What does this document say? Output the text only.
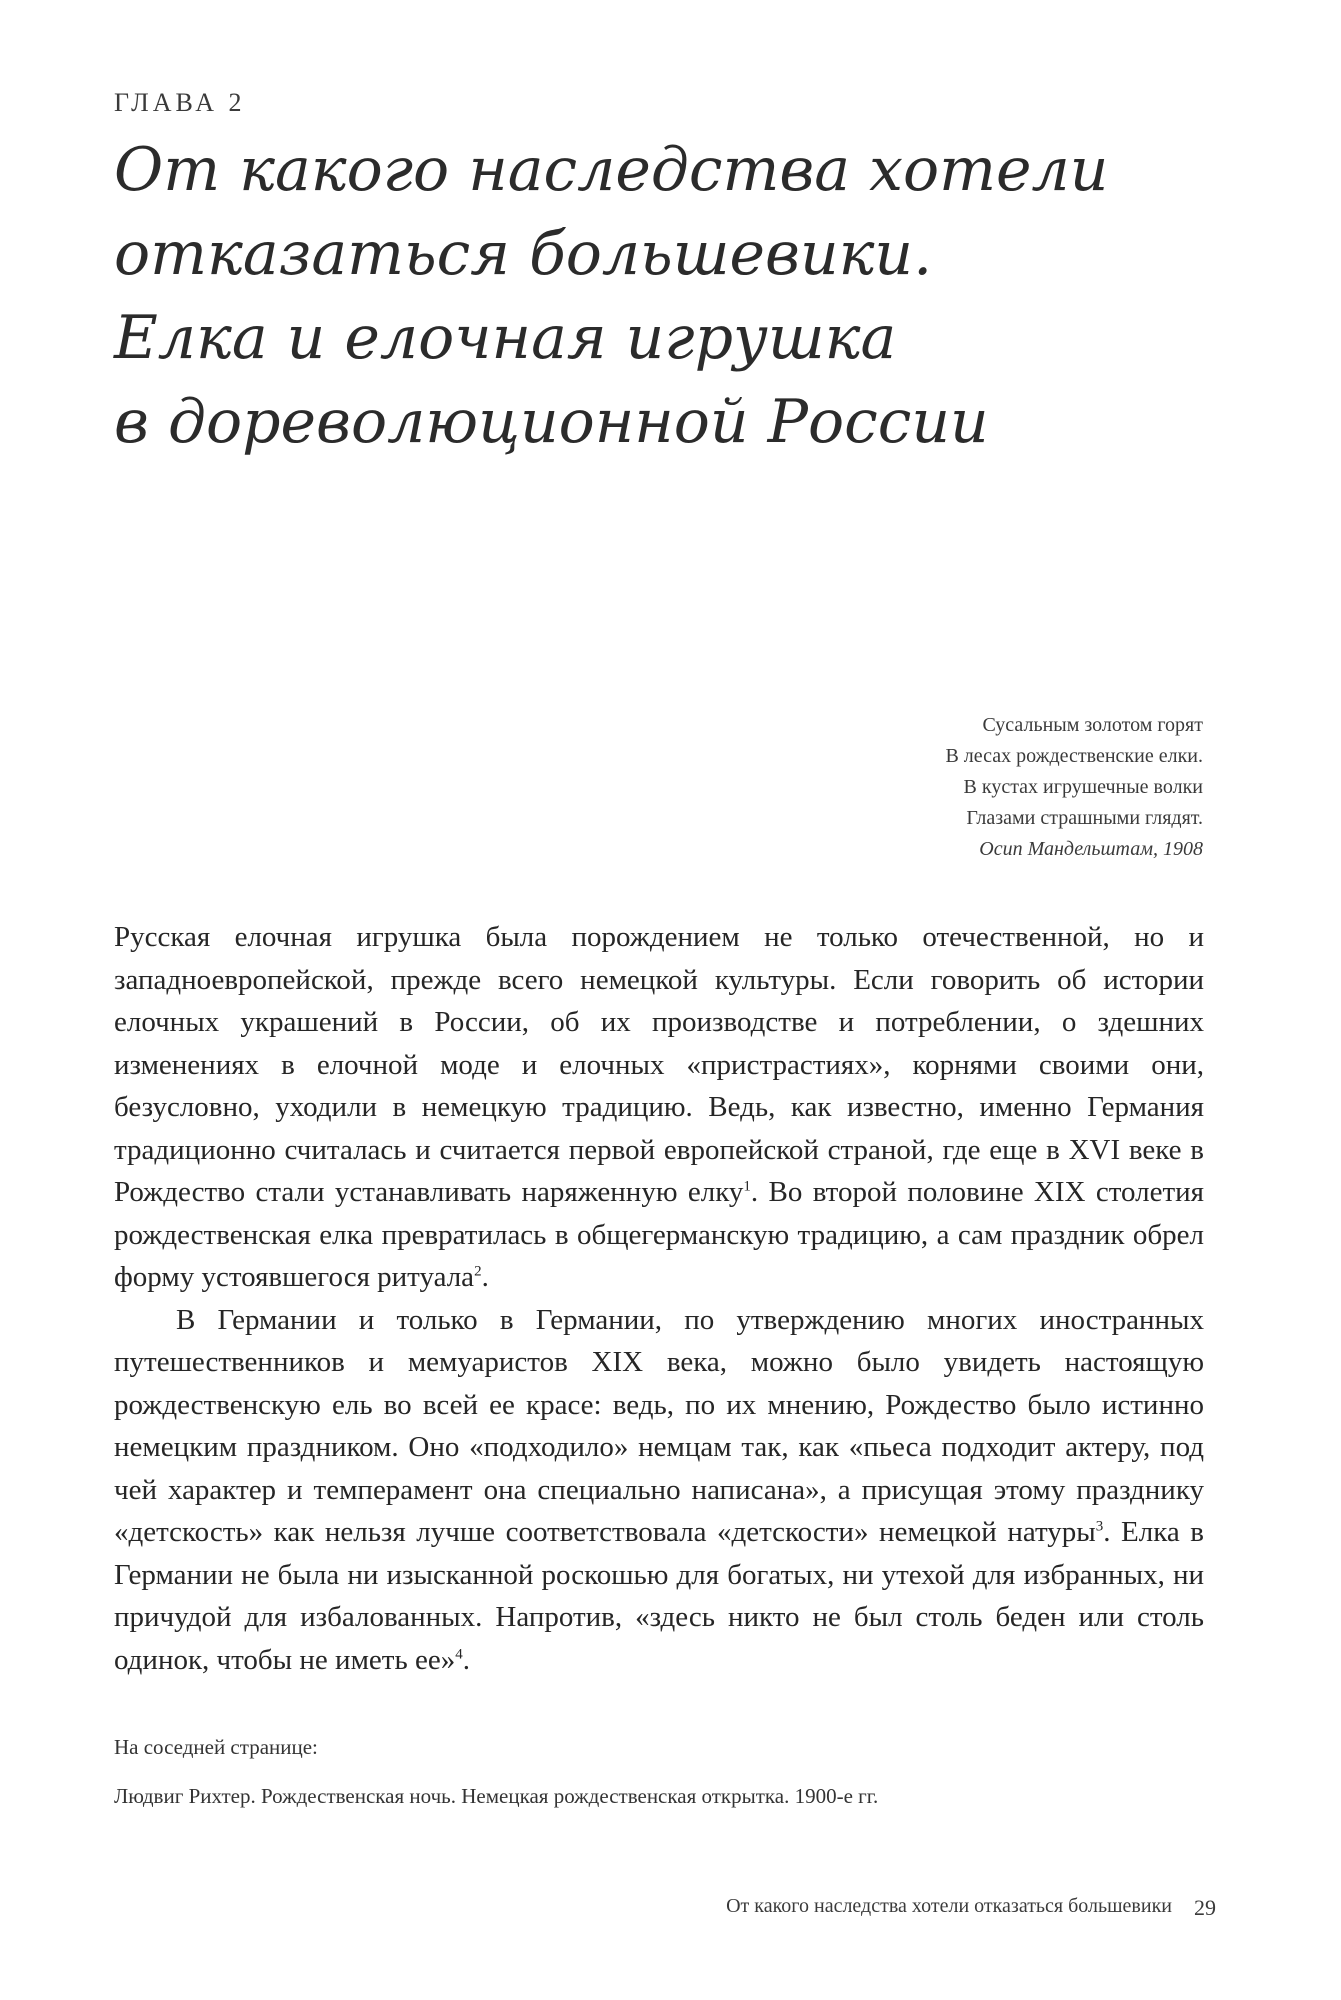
ГЛАВА 2
От какого наследства хотели
отказаться большевики.
Елка и елочная игрушка
в дореволюционной России
Сусальным золотом горят
В лесах рождественские елки.
В кустах игрушечные волки
Глазами страшными глядят.
Осип Мандельштам, 1908

Русская елочная игрушка была порождением не только отечественной, но и западноевропейской, прежде всего немецкой культуры. Если говорить об истории елочных украшений в России, об их производстве и потреблении, о здешних изменениях в елочной моде и елочных «пристрастиях», корнями своими они, безусловно, уходили в немецкую традицию. Ведь, как известно, именно Германия традиционно считалась и считается первой европейской страной, где еще в XVI веке в Рождество стали устанавливать наряженную елку$^1$. Во второй половине XIX столетия рождественская елка превратилась в общегерманскую традицию, а сам праздник обрел форму устоявшегося ритуала$^2$.

В Германии и только в Германии, по утверждению многих иностранных путешественников и мемуаристов XIX века, можно было увидеть настоящую рождественскую ель во всей ее красе: ведь, по их мнению, Рождество было истинно немецким праздником. Оно «подходило» немцам так, как «пьеса подходит актеру, под чей характер и темперамент она специально написана», а присущая этому празднику «детскость» как нельзя лучше соответствовала «детскости» немецкой натуры$^3$. Елка в Германии не была ни изысканной роскошью для богатых, ни утехой для избранных, ни причудой для избалованных. Напротив, «здесь никто не был столь беден или столь одинок, чтобы не иметь ее»$^4$.

На соседней странице:

Людвиг Рихтер. Рождественская ночь. Немецкая рождественская открытка. 1900-е гг.

От какого наследства хотели отказаться большевики 29
